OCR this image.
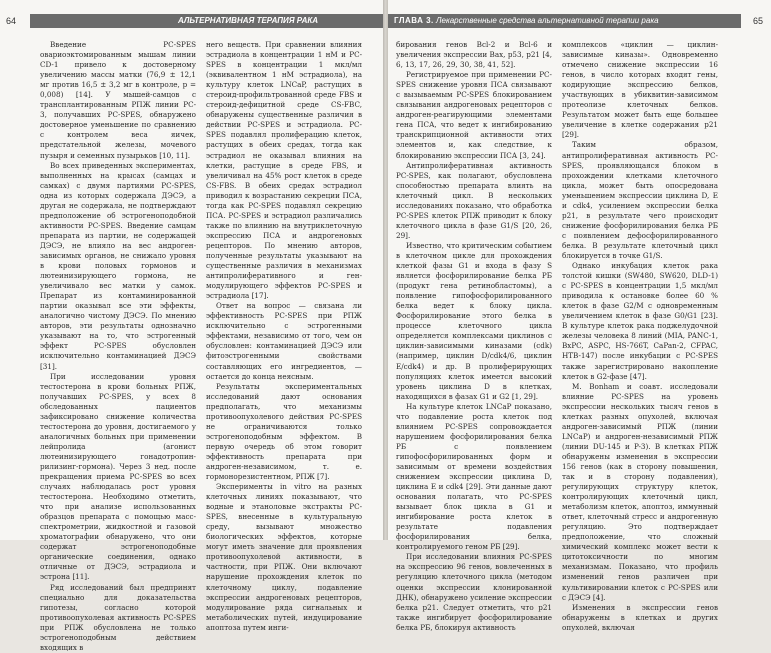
64	АЛЬТЕРНАТИВНАЯ ТЕРАПИЯ РАКА

Введение PC-SPES овариоэктомированным мышам линии CD-1 привело к достоверному увеличению массы матки (76,9 ± 12,1 мг против 16,5 ± 3,2 мг в контроле, p = 0,008) [14]. У мышей-самцов с трансплантированным РПЖ линии PC-3, получавших PC-SPES, обнаружено достоверное уменьшение по сравнению с контролем веса яичек, предстательной железы, мочевого пузыря и семенных пузырьков [10, 11].

Во всех приведенных экспериментах, выполненных на крысах (самцах и самках) с двумя партиями PC-SPES, одна из которых содержала ДЭСЭ, а другая не содержала, не подтверждают предположение об эстрогеноподобной активности PC-SPES. Введение самцам препарата из партии, не содержащей ДЭСЭ, не влияло на вес андроген-зависимых органов, не снижало уровня в крови половых гормонов и лютеинизирующего гормона, не увеличивало вес матки у самок. Препарат из контаминированной партии оказывал все эти эффекты, аналогично чистому ДЭСЭ. По мнению авторов, эти результаты однозначно указывают на то, что эстрогенный эффект PC-SPES обусловлен исключительно контаминацией ДЭСЭ [31].

При исследовании уровня тестостерона в крови больных РПЖ, получавших PC-SPES, у всех 8 обследованных пациентов зафиксировано снижение количества тестостерона до уровня, достигаемого у аналогичных больных при применении лейпролида (агонист лютеинизирующего гонадотропин-рилизинг-гормона). Через 3 нед. после прекращения приема PC-SPES во всех случаях наблюдалась рост уровня тестостерона. Необходимо отметить, что при анализе использованных образцов препарата с помощью масс-спектрометрии, жидкостной и газовой хроматографии обнаружено, что они содержат эстрогеноподобные органические соединения, однако отличные от ДЭСЭ, эстрадиола и эстрона [11].

Ряд исследований был предпринят специально для доказательства гипотезы, согласно которой противоопухолевая активность PC-SPES при РПЖ обусловлена не только эстрогеноподобным действием входящих в

него веществ. При сравнении влияния эстрадиола в концентрации 1 нМ и PC-SPES в концентрации 1 мкл/мл (эквивалентном 1 нМ эстрадиола), на культуру клеток LNCaP, растущих в стероид-профильтрованной среде FBS и стероид-дефицитной среде CS-FBC, обнаружены существенные различия в действии PC-SPES и эстрадиола. PC-SPES подавлял пролиферацию клеток, растущих в обеих средах, тогда как эстрадиол не оказывал влияния на клетки, растущие в среде FBS, и увеличивал на 45% рост клеток в среде CS-FBS. В обеих средах эстрадиол приводил к возрастанию секреции ПСА, тогда как PC-SPES подавлял секрецию ПСА. PC-SPES и эстрадиол различались также по влиянию на внутриклеточную экспрессию ПСА и андрогеновых рецепторов. По мнению авторов, полученные результаты указывают на существенные различия в механизмах антипролиферативного и ген-модулирующего эффектов PC-SPES и эстрадиола [17].

Ответ на вопрос — связана ли эффективность PC-SPES при РПЖ исключительно с эстрогенными эффектами, независимо от того, чем он обусловлен: контаминацией ДЭСЭ или фитоэстрогенными свойствами составляющих его ингредиентов, — остается до конца неясным.

Результаты экспериментальных исследований дают основания предполагать, что механизмы противоопухолевого действия PC-SPES не ограничиваются только эстрогеноподобным эффектом. В первую очередь об этом говорит эффективность препарата при андроген-независимом, т. е. гормонорезистентном, РПЖ [7].

Эксперименты in vitro на разных клеточных линиях показывают, что водные и этаноловые экстракты PC-SPES, внесенные в культуральную среду, вызывают множество биологических эффектов, которые могут иметь значение для проявления противоопухолевой активности, в частности, при РПЖ. Они включают нарушение прохождения клеток по клеточному циклу, подавление экспрессии андрогеновых рецепторов, модулирование ряда сигнальных и метаболических путей, индуцирование апоптоза путем инги-

ГЛАВА 3. Лекарственные средства альтернативной терапии рака	65

бирования генов Bcl-2 и Bcl-6 и увеличения экспрессии Bax, p53, p21 [4, 6, 13, 17, 26, 29, 30, 38, 41, 52].

Регистрируемое при применении PC-SPES снижение уровня ПСА связывают с вызываемым PC-SPES блокированием связывания андрогеновых рецепторов с андроген-реагирующими элементами гена ПСА, что ведет к ингибированию транскрипционной активности этих элементов и, как следствие, к блокированию экспрессии ПСА [3, 24].

Антипролиферативная активность PC-SPES, как полагают, обусловлена способностью препарата влиять на клеточный цикл. В нескольких исследованиях показано, что обработка PC-SPES клеток РПЖ приводит к блоку клеточного цикла в фазе G1/S [20, 26, 29].

Известно, что критическим событием в клеточном цикле для прохождения клеткой фазы G1 и входа в фазу S является фосфорилирование белка РБ (продукт гена ретинобластомы), а появление гипофосфорилированного белка ведет к блоку цикла. Фосфорилирование этого белка в процессе клеточного цикла определяется комплексами циклинов с циклин-зависимыми киназами (cdk) (например, циклин D/cdk4/6, циклин E/cdk4) и др. В пролиферирующих популяциях клеток имеется высокий уровень циклина D в клетках, находящихся в фазах G1 и G2 [1, 29].

На культуре клеток LNCaP показано, что подавление роста клеток под влиянием PC-SPES сопровождается нарушением фосфорилирования белка РБ с появлением гипофосфорилированных форм и зависимым от времени воздействия снижением экспрессии циклина D, циклина E и cdk4 [29]. Эти данные дают основания полагать, что PC-SPES вызывает блок цикла в G1 и ингибирование роста клеток в результате подавления фосфорилирования белка, контролируемого геном РБ [29].

При исследовании влияния PC-SPES на экспрессию 96 генов, вовлеченных в регуляцию клеточного цикла (методом оценки экспрессии клонированной ДНК), обнаружено усиление экспрессии белка p21. Следует отметить, что p21 также ингибирует фосфорилирование белка РБ, блокируя активность

комплексов «циклин — циклин-зависимые киназы». Одновременно отмечено снижение экспрессии 16 генов, в число которых входят гены, кодирующие экспрессию белков, участвующих в убиквитин-зависимом протеолизе клеточных белков. Результатом может быть еще большее увеличение в клетке содержания p21 [29].

Таким образом, антипролиферативная активность PC-SPES, проявляющаяся блоком в прохождении клетками клеточного цикла, может быть опосредована уменьшением экспрессии циклина D, E и cdk4, усилением экспрессии белка p21, в результате чего происходит снижение фосфорилирования белка РБ с появлением дефосфорилированного белка. В результате клеточный цикл блокируется в точке G1/S.

Однако инкубация клеток рака толстой кишки (SW480, SW620, DLD-1) с PC-SPES в концентрации 1,5 мкл/мл приводила к остановке более 60 % клеток в фазе G2/M с одновременным увеличением клеток в фазе G0/G1 [23]. В культуре клеток рака поджелудочной железы человека 8 линий (MIA, PANC-1, BxPC, ASPC, HS-766T, CaPan-2, CFPAC, HTB-147) после инкубации с PC-SPES также зарегистрировано накопление клеток в G2-фазе [47].

M. Bonham и соавт. исследовали влияние PC-SPES на уровень экспрессии нескольких тысяч генов в клетках разных опухолей, включая андроген-зависимый РПЖ (линии LNCaP) и андроген-независимый РПЖ (линии DU-145 и P-3). В клетках РПЖ обнаружены изменения в экспрессии 156 генов (как в сторону повышения, так и в сторону подавления), регулирующих структуру клеток, контролирующих клеточный цикл, метаболизм клеток, апоптоз, иммунный ответ, клеточный стресс и андрогенную регуляцию. Это подтверждает предположение, что сложный химический комплекс может вести к цитотоксичности по многим механизмам. Показано, что профиль изменений генов различен при культивировании клеток с PC-SPES или с ДЭСЭ [4].

Изменения в экспрессии генов обнаружены в клетках и других опухолей, включая
